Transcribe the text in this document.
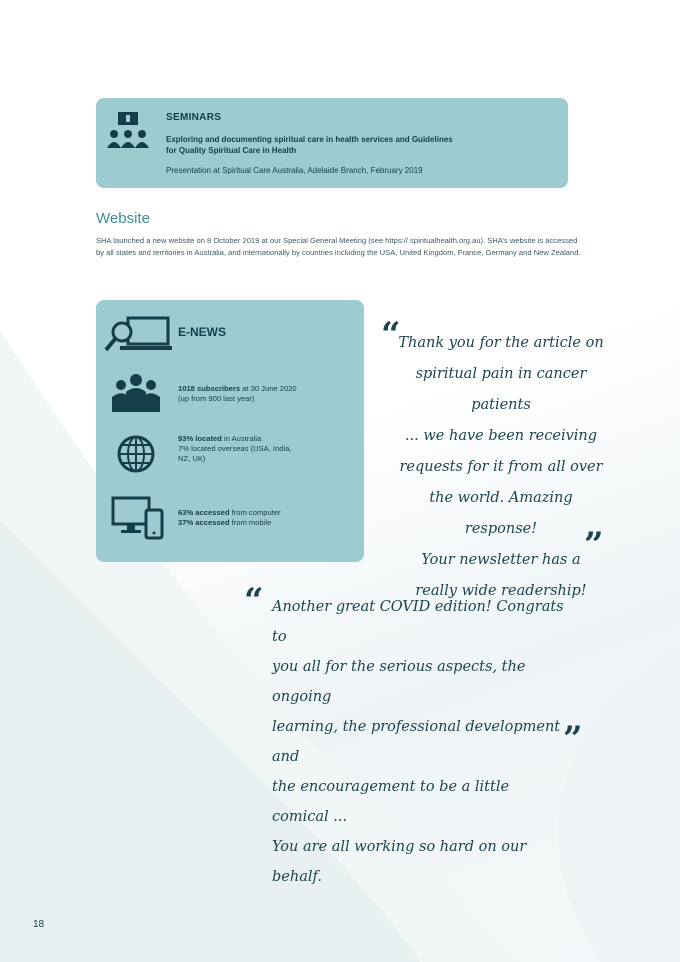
SEMINARS
Exploring and documenting spiritual care in health services and Guidelines
for Quality Spiritual Care in Health
Presentation at Spiritual Care Australia, Adelaide Branch, February 2019
Website
SHA launched a new website on 8 October 2019 at our Special General Meeting (see https:// spiritualhealth.org.au). SHA’s website is accessed by all states and territories in Australia, and internationally by countries including the USA, United Kingdom, France, Germany and New Zealand.
E-NEWS
1018 subscribers at 30 June 2020
(up from 900 last year)
93% located in Australia
7% located overseas (USA, India,
NZ, UK)
63% accessed from computer
37% accessed from mobile
“
Thank you for the article on
spiritual pain in cancer patients
... we have been receiving
requests for it from all over
the world. Amazing response!
Your newsletter has a
really wide readership!
”
“ Another great COVID edition! Congrats to
you all for the serious aspects, the ongoing
learning, the professional development and
the encouragement to be a little comical ...
You are all working so hard on our behalf.
”
18
